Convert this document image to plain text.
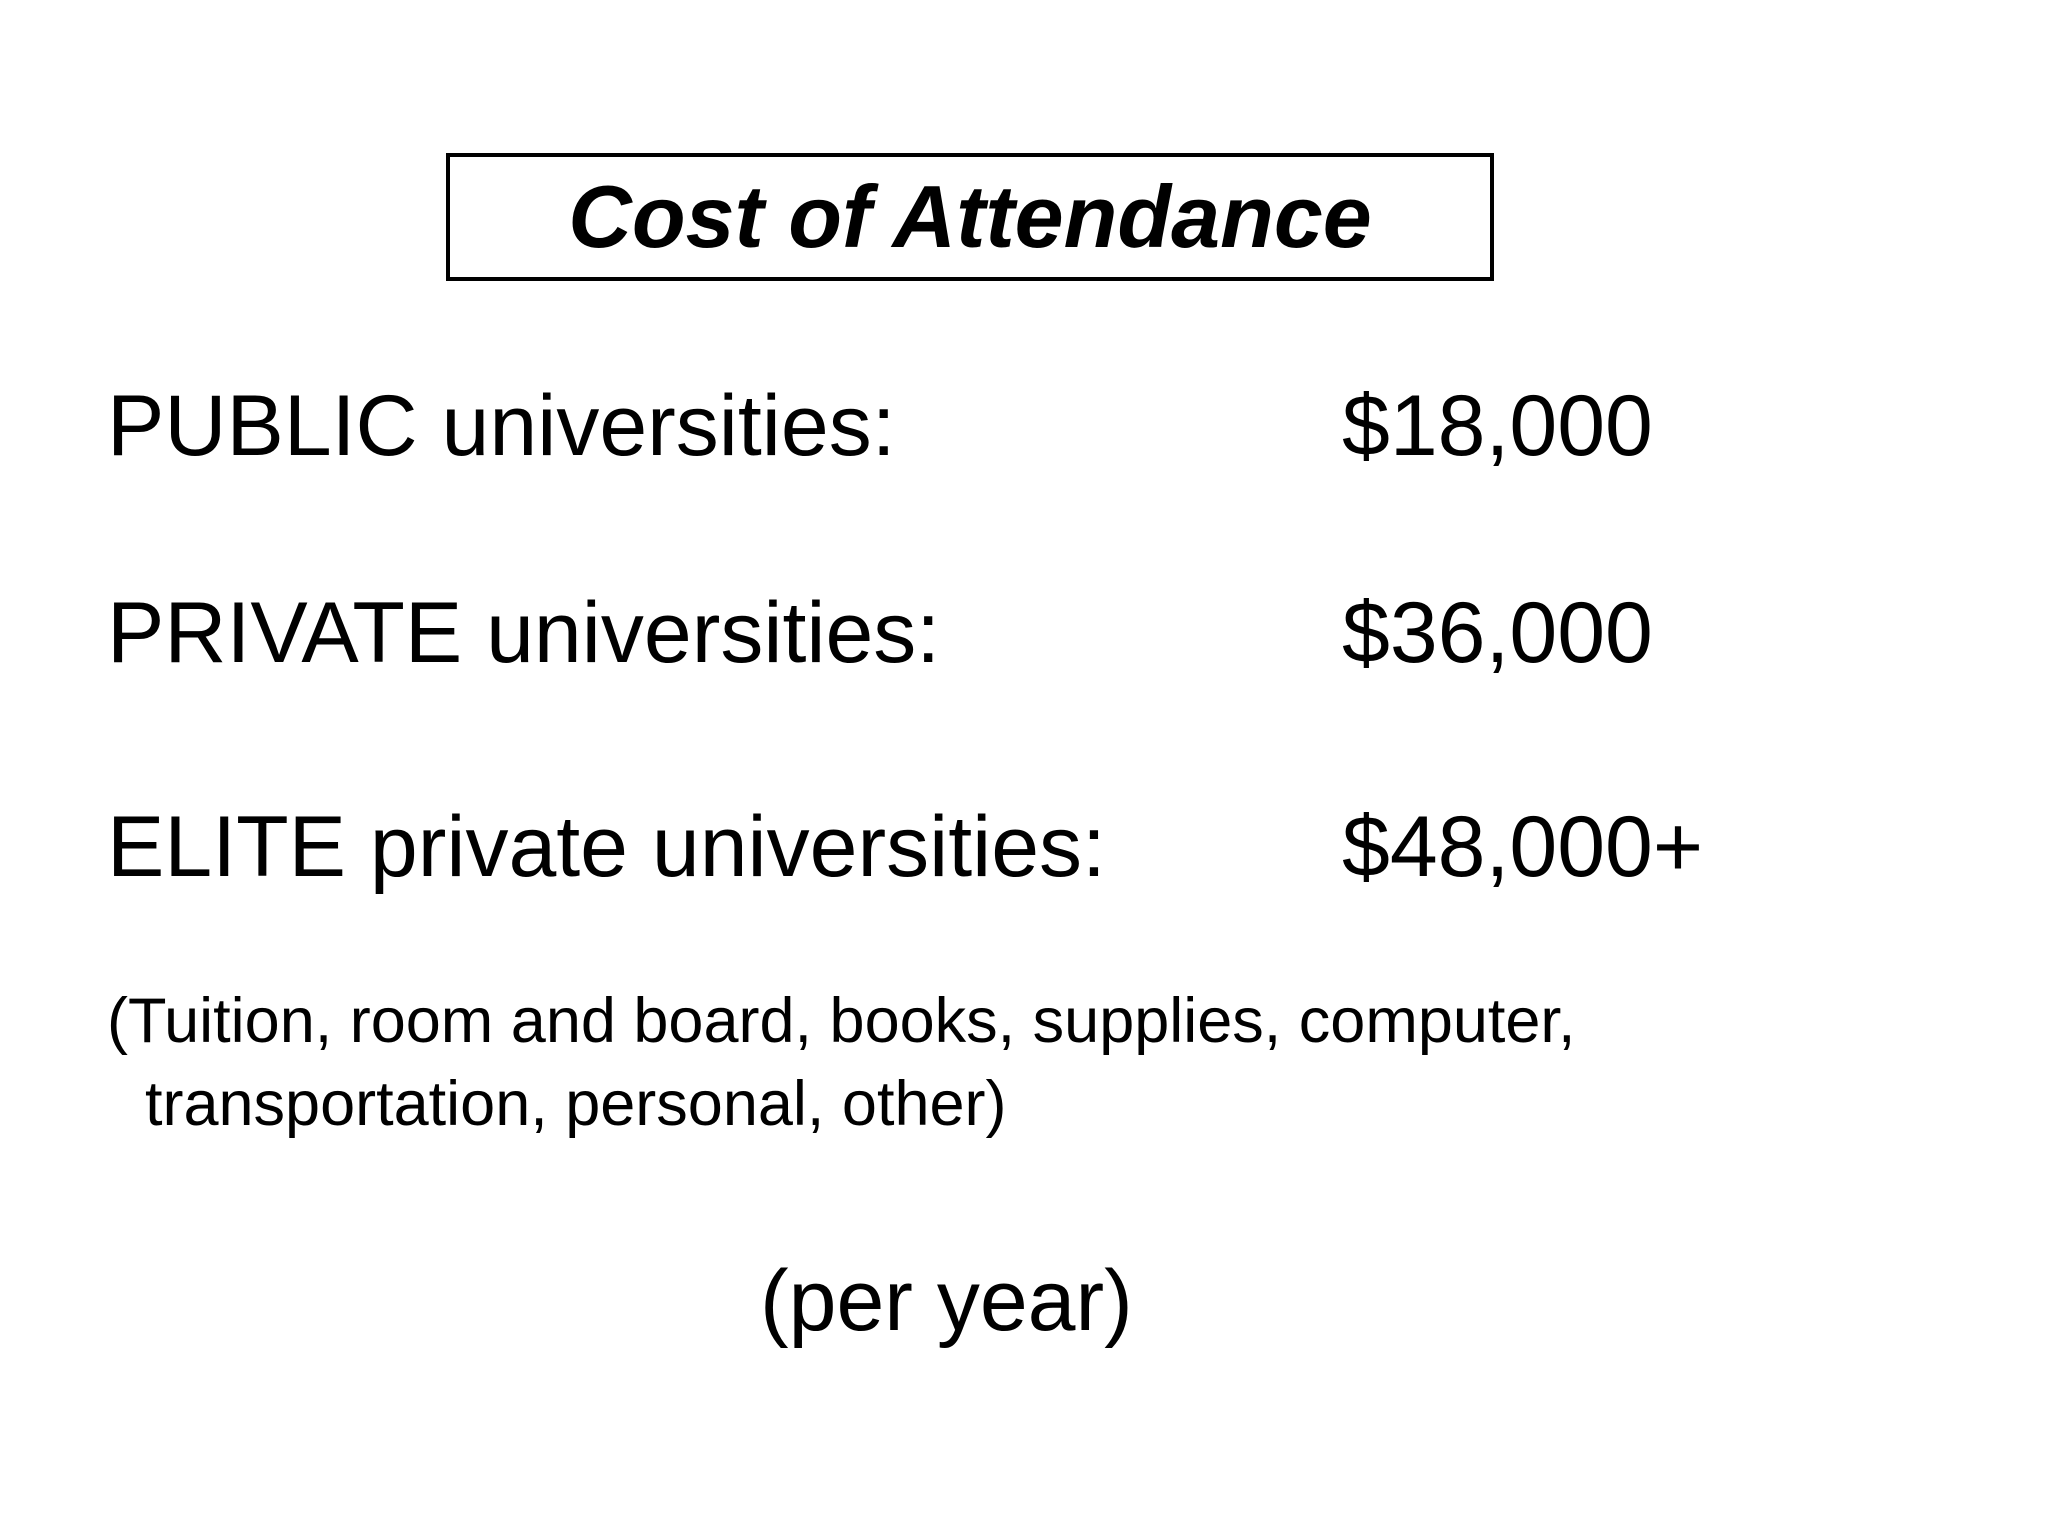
Cost of Attendance
PUBLIC universities:	$18,000
PRIVATE universities:	$36,000
ELITE private universities:	$48,000+
(Tuition, room and board, books, supplies, computer,
transportation, personal, other)
(per year)
